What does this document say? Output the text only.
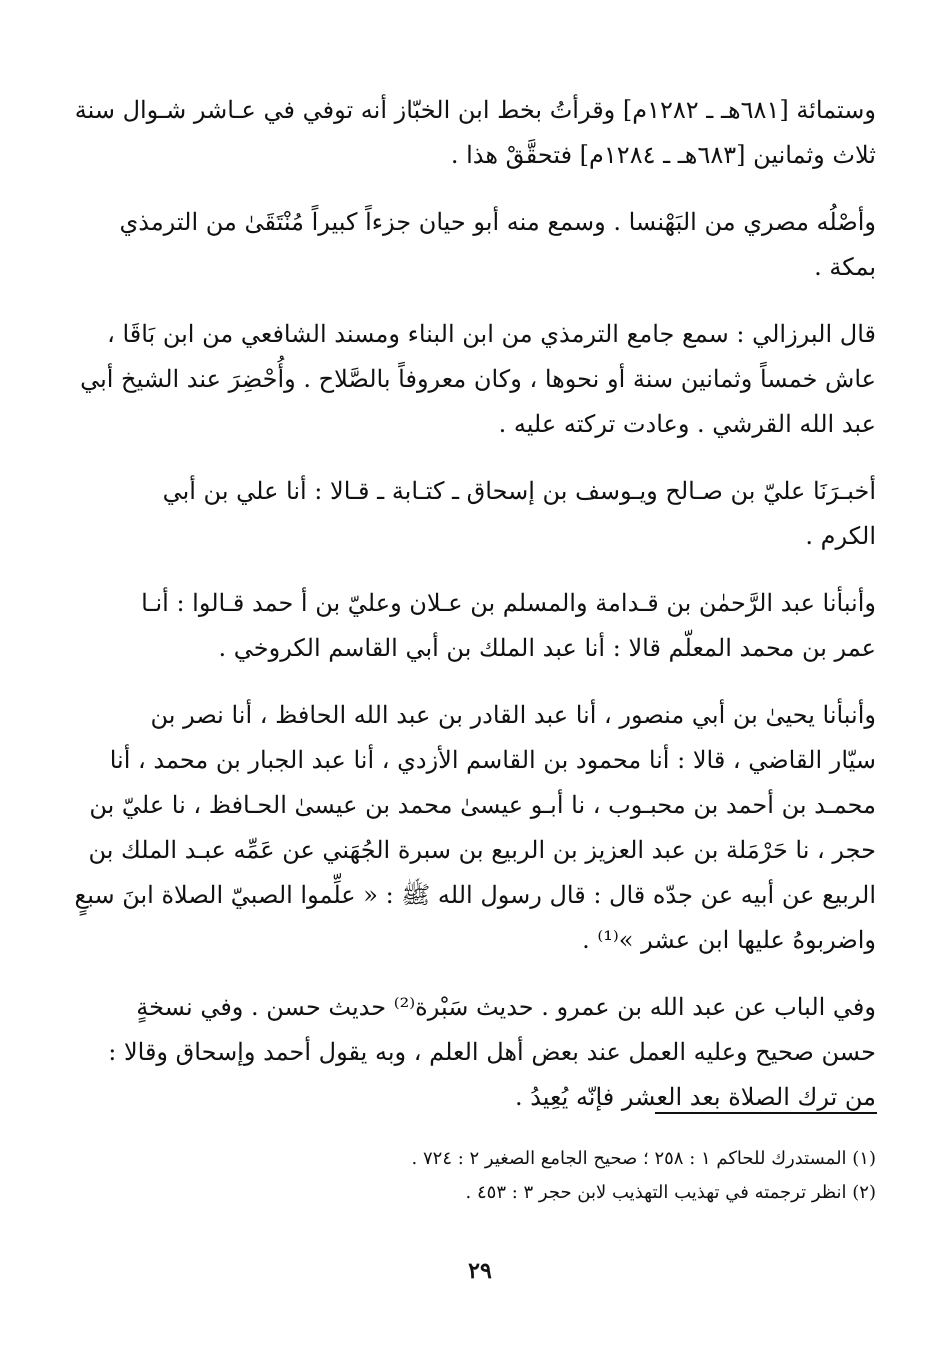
وستمائة [٦٨١هـ ـ ١٢٨٢م] وقرأتُ بخط ابن الخبّاز أنه توفي في عـاشر شـوال سنة
ثلاث وثمانين [٦٨٣هـ ـ ١٢٨٤م] فتحقَّقْ هذا .

وأصْلُه مصري من البَهْنسا . وسمع منه أبو حيان جزءاً كبيراً مُنْتَقَىٰ من الترمذي
بمكة .

قال البرزالي : سمع جامع الترمذي من ابن البناء ومسند الشافعي من ابن بَاقَا ،
عاش خمساً وثمانين سنة أو نحوها ، وكان معروفاً بالصَّلاح . وأُحْضِرَ عند الشيخ أبي
عبد الله القرشي . وعادت تركته عليه .

أخبـرَنَا عليّ بن صـالح ويـوسف بن إسحاق ـ كتـابة ـ قـالا : أنا علي بن أبي
الكرم .

وأنبأنا عبد الرَّحمٰن بن قـدامة والمسلم بن عـلان وعليّ بن أ حمد قـالوا : أنـا
عمر بن محمد المعلّم قالا : أنا عبد الملك بن أبي القاسم الكروخي .

وأنبأنا يحيىٰ بن أبي منصور ، أنا عبد القادر بن عبد الله الحافظ ، أنا نصر بن
سيّار القاضي ، قالا : أنا محمود بن القاسم الأزدي ، أنا عبد الجبار بن محمد ، أنا
محمـد بن أحمد بن محبـوب ، نا أبـو عيسىٰ محمد بن عيسىٰ الحـافظ ، نا عليّ بن
حجر ، نا حَرْمَلة بن عبد العزيز بن الربيع بن سبرة الجُهَني عن عَمِّه عبـد الملك بن
الربيع عن أبيه عن جدّه قال : قال رسول الله ﷺ : « علِّموا الصبيّ الصلاة ابنَ سبعٍ
واضربوهُ عليها ابن عشر »⁽¹⁾ .

وفي الباب عن عبد الله بن عمرو . حديث سَبْرة⁽²⁾ حديث حسن . وفي نسخةٍ
حسن صحيح وعليه العمل عند بعض أهل العلم ، وبه يقول أحمد وإسحاق وقالا :
من ترك الصلاة بعد العشر فإنّه يُعِيدُ .

(١) المستدرك للحاكم ١ : ٢٥٨ ؛ صحيح الجامع الصغير ٢ : ٧٢٤ .
(٢) انظر ترجمته في تهذيب التهذيب لابن حجر ٣ : ٤٥٣ .
٢٩
